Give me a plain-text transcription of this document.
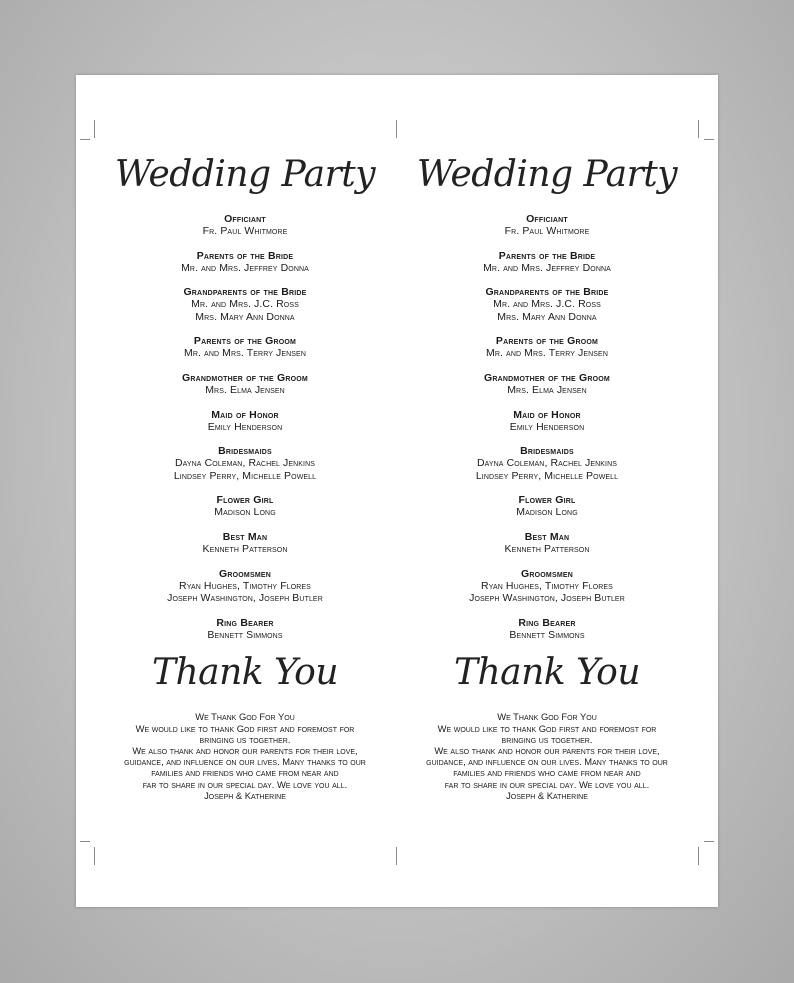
Wedding Party
Officiant
Fr. Paul Whitmore
Parents of the Bride
Mr. and Mrs. Jeffrey Donna
Grandparents of the Bride
Mr. and Mrs. J.C. Ross
Mrs. Mary Ann Donna
Parents of the Groom
Mr. and Mrs. Terry Jensen
Grandmother of the Groom
Mrs. Elma Jensen
Maid of Honor
Emily Henderson
Bridesmaids
Dayna Coleman, Rachel Jenkins
Lindsey Perry, Michelle Powell
Flower Girl
Madison Long
Best Man
Kenneth Patterson
Groomsmen
Ryan Hughes, Timothy Flores
Joseph Washington, Joseph Butler
Ring Bearer
Bennett Simmons
Thank You
We Thank God For You
We would like to thank God first and foremost for
bringing us together.
We also thank and honor our parents for their love,
guidance, and influence on our lives. Many thanks to our
families and friends who came from near and
far to share in our special day. We love you all.
Joseph & Katherine
Wedding Party
Officiant
Fr. Paul Whitmore
Parents of the Bride
Mr. and Mrs. Jeffrey Donna
Grandparents of the Bride
Mr. and Mrs. J.C. Ross
Mrs. Mary Ann Donna
Parents of the Groom
Mr. and Mrs. Terry Jensen
Grandmother of the Groom
Mrs. Elma Jensen
Maid of Honor
Emily Henderson
Bridesmaids
Dayna Coleman, Rachel Jenkins
Lindsey Perry, Michelle Powell
Flower Girl
Madison Long
Best Man
Kenneth Patterson
Groomsmen
Ryan Hughes, Timothy Flores
Joseph Washington, Joseph Butler
Ring Bearer
Bennett Simmons
Thank You
We Thank God For You
We would like to thank God first and foremost for
bringing us together.
We also thank and honor our parents for their love,
guidance, and influence on our lives. Many thanks to our
families and friends who came from near and
far to share in our special day. We love you all.
Joseph & Katherine
